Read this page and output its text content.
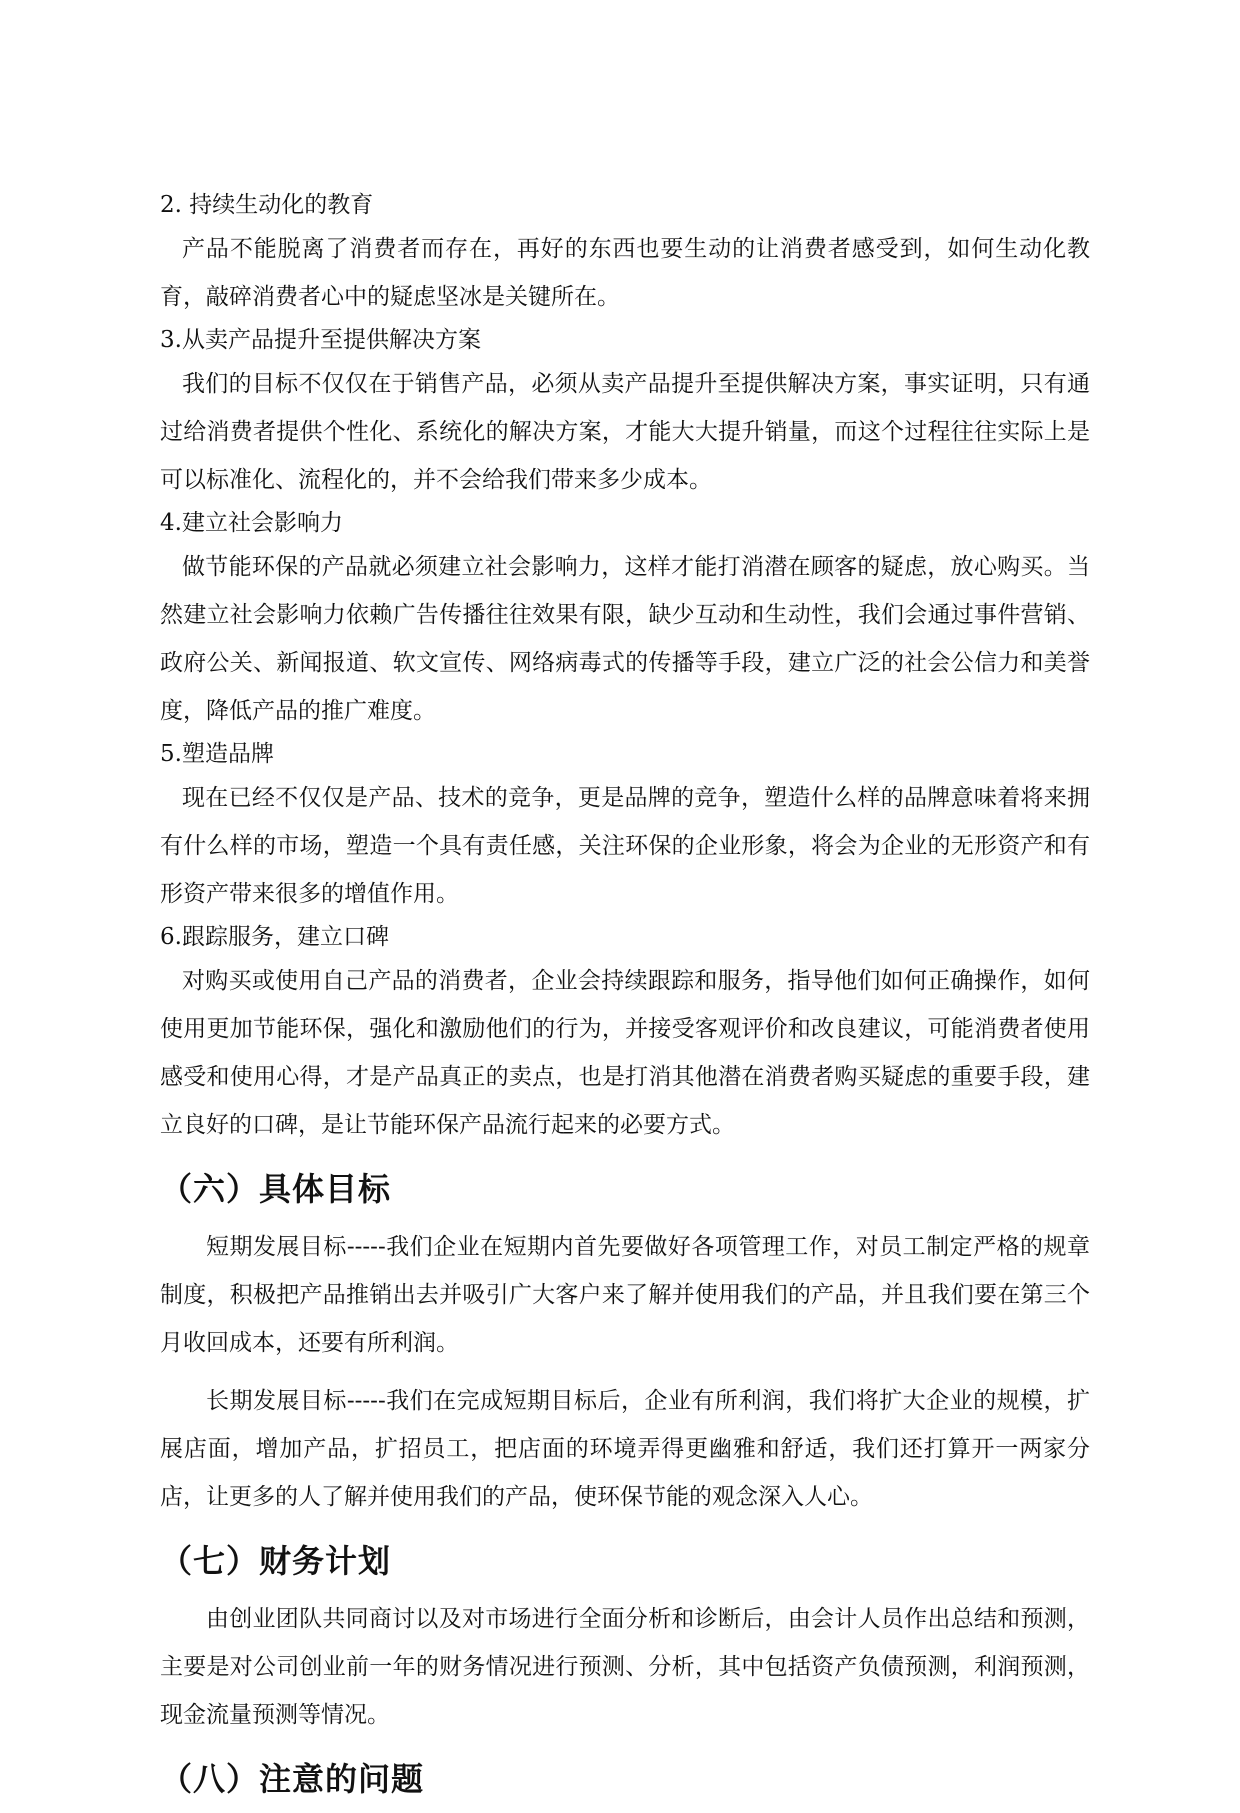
2. 持续生动化的教育
产品不能脱离了消费者而存在，再好的东西也要生动的让消费者感受到，如何生动化教育，敲碎消费者心中的疑虑坚冰是关键所在。
3.从卖产品提升至提供解决方案
我们的目标不仅仅在于销售产品，必须从卖产品提升至提供解决方案，事实证明，只有通过给消费者提供个性化、系统化的解决方案，才能大大提升销量，而这个过程往往实际上是可以标准化、流程化的，并不会给我们带来多少成本。
4.建立社会影响力
做节能环保的产品就必须建立社会影响力，这样才能打消潜在顾客的疑虑，放心购买。当然建立社会影响力依赖广告传播往往效果有限，缺少互动和生动性，我们会通过事件营销、政府公关、新闻报道、软文宣传、网络病毒式的传播等手段，建立广泛的社会公信力和美誉度，降低产品的推广难度。
5.塑造品牌
现在已经不仅仅是产品、技术的竞争，更是品牌的竞争，塑造什么样的品牌意味着将来拥有什么样的市场，塑造一个具有责任感，关注环保的企业形象，将会为企业的无形资产和有形资产带来很多的增值作用。
6.跟踪服务，建立口碑
对购买或使用自己产品的消费者，企业会持续跟踪和服务，指导他们如何正确操作，如何使用更加节能环保，强化和激励他们的行为，并接受客观评价和改良建议，可能消费者使用感受和使用心得，才是产品真正的卖点，也是打消其他潜在消费者购买疑虑的重要手段，建立良好的口碑，是让节能环保产品流行起来的必要方式。
（六）具体目标
短期发展目标-----我们企业在短期内首先要做好各项管理工作，对员工制定严格的规章制度，积极把产品推销出去并吸引广大客户来了解并使用我们的产品，并且我们要在第三个月收回成本，还要有所利润。
长期发展目标-----我们在完成短期目标后，企业有所利润，我们将扩大企业的规模，扩展店面，增加产品，扩招员工，把店面的环境弄得更幽雅和舒适，我们还打算开一两家分店，让更多的人了解并使用我们的产品，使环保节能的观念深入人心。
（七）财务计划
由创业团队共同商讨以及对市场进行全面分析和诊断后，由会计人员作出总结和预测，主要是对公司创业前一年的财务情况进行预测、分析，其中包括资产负债预测，利润预测，现金流量预测等情况。
（八）注意的问题
